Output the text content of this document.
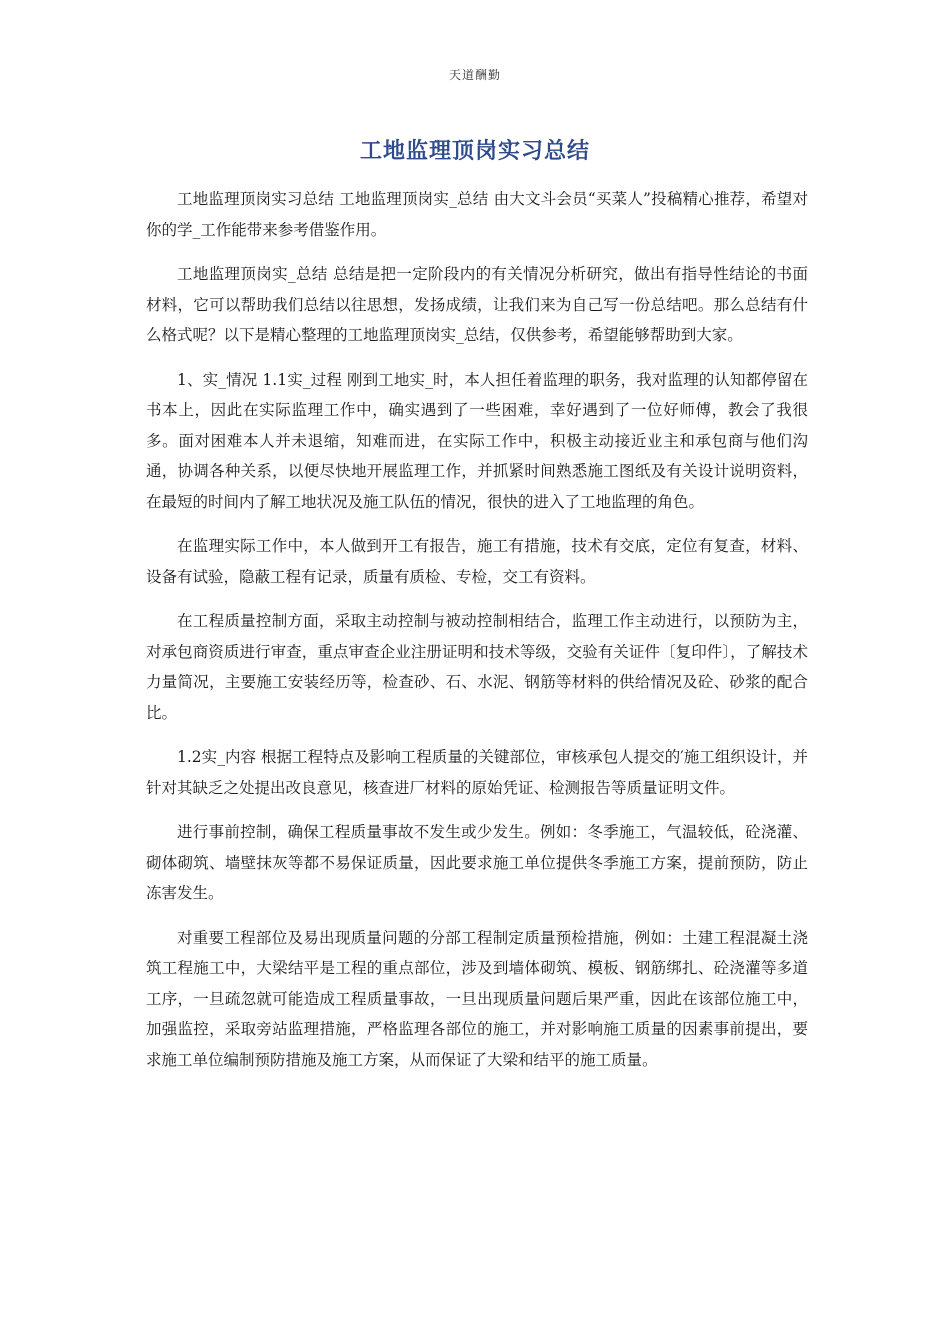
天道酬勤
工地监理顶岗实习总结

工地监理顶岗实习总结 工地监理顶岗实_总结 由大文斗会员“买菜人”投稿精心推荐，希望对你的学_工作能带来参考借鉴作用。

工地监理顶岗实_总结 总结是把一定阶段内的有关情况分析研究，做出有指导性结论的书面材料，它可以帮助我们总结以往思想，发扬成绩，让我们来为自己写一份总结吧。那么总结有什么格式呢？以下是精心整理的工地监理顶岗实_总结，仅供参考，希望能够帮助到大家。

1、实_情况 1.1实_过程 刚到工地实_时，本人担任着监理的职务，我对监理的认知都停留在书本上，因此在实际监理工作中，确实遇到了一些困难，幸好遇到了一位好师傅，教会了我很多。面对困难本人并未退缩，知难而进，在实际工作中，积极主动接近业主和承包商与他们沟通，协调各种关系，以便尽快地开展监理工作，并抓紧时间熟悉施工图纸及有关设计说明资料，在最短的时间内了解工地状况及施工队伍的情况，很快的进入了工地监理的角色。

在监理实际工作中，本人做到开工有报告，施工有措施，技术有交底，定位有复查，材料、设备有试验，隐蔽工程有记录，质量有质检、专检，交工有资料。

在工程质量控制方面，采取主动控制与被动控制相结合，监理工作主动进行，以预防为主，对承包商资质进行审查，重点审查企业注册证明和技术等级，交验有关证件〔复印件〕，了解技术力量简况，主要施工安装经历等，检查砂、石、水泥、钢筋等材料的供给情况及砼、砂浆的配合比。

1.2实_内容 根据工程特点及影响工程质量的关键部位，审核承包人提交的′施工组织设计，并针对其缺乏之处提出改良意见，核查进厂材料的原始凭证、检测报告等质量证明文件。

进行事前控制，确保工程质量事故不发生或少发生。例如：冬季施工，气温较低，砼浇灌、砌体砌筑、墙壁抹灰等都不易保证质量，因此要求施工单位提供冬季施工方案，提前预防，防止冻害发生。

对重要工程部位及易出现质量问题的分部工程制定质量预检措施，例如：土建工程混凝土浇筑工程施工中，大梁结平是工程的重点部位，涉及到墙体砌筑、模板、钢筋绑扎、砼浇灌等多道工序，一旦疏忽就可能造成工程质量事故，一旦出现质量问题后果严重，因此在该部位施工中，加强监控，采取旁站监理措施，严格监理各部位的施工，并对影响施工质量的因素事前提出，要求施工单位编制预防措施及施工方案，从而保证了大梁和结平的施工质量。
